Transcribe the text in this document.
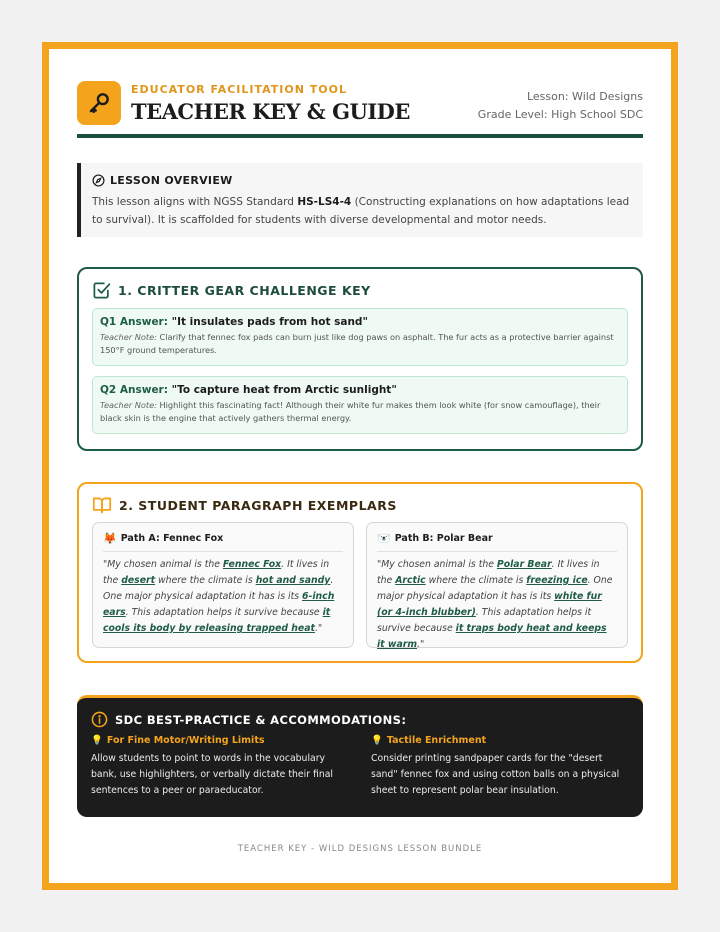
EDUCATOR FACILITATION TOOL
TEACHER KEY & GUIDE
Lesson: Wild Designs
Grade Level: High School SDC
LESSON OVERVIEW
This lesson aligns with NGSS Standard HS-LS4-4 (Constructing explanations on how adaptations lead to survival). It is scaffolded for students with diverse developmental and motor needs.
1. CRITTER GEAR CHALLENGE KEY
Q1 Answer: "It insulates pads from hot sand"
Teacher Note: Clarify that fennec fox pads can burn just like dog paws on asphalt. The fur acts as a protective barrier against 150°F ground temperatures.
Q2 Answer: "To capture heat from Arctic sunlight"
Teacher Note: Highlight this fascinating fact! Although their white fur makes them look white (for snow camouflage), their black skin is the engine that actively gathers thermal energy.
2. STUDENT PARAGRAPH EXEMPLARS
🦊 Path A: Fennec Fox
"My chosen animal is the Fennec Fox. It lives in the desert where the climate is hot and sandy. One major physical adaptation it has is its 6-inch ears. This adaptation helps it survive because it cools its body by releasing trapped heat."
🐻‍❄️ Path B: Polar Bear
"My chosen animal is the Polar Bear. It lives in the Arctic where the climate is freezing ice. One major physical adaptation it has is its white fur (or 4-inch blubber). This adaptation helps it survive because it traps body heat and keeps it warm."
SDC BEST-PRACTICE & ACCOMMODATIONS:
💡 For Fine Motor/Writing Limits
Allow students to point to words in the vocabulary bank, use highlighters, or verbally dictate their final sentences to a peer or paraeducator.
💡 Tactile Enrichment
Consider printing sandpaper cards for the "desert sand" fennec fox and using cotton balls on a physical sheet to represent polar bear insulation.
TEACHER KEY - WILD DESIGNS LESSON BUNDLE
